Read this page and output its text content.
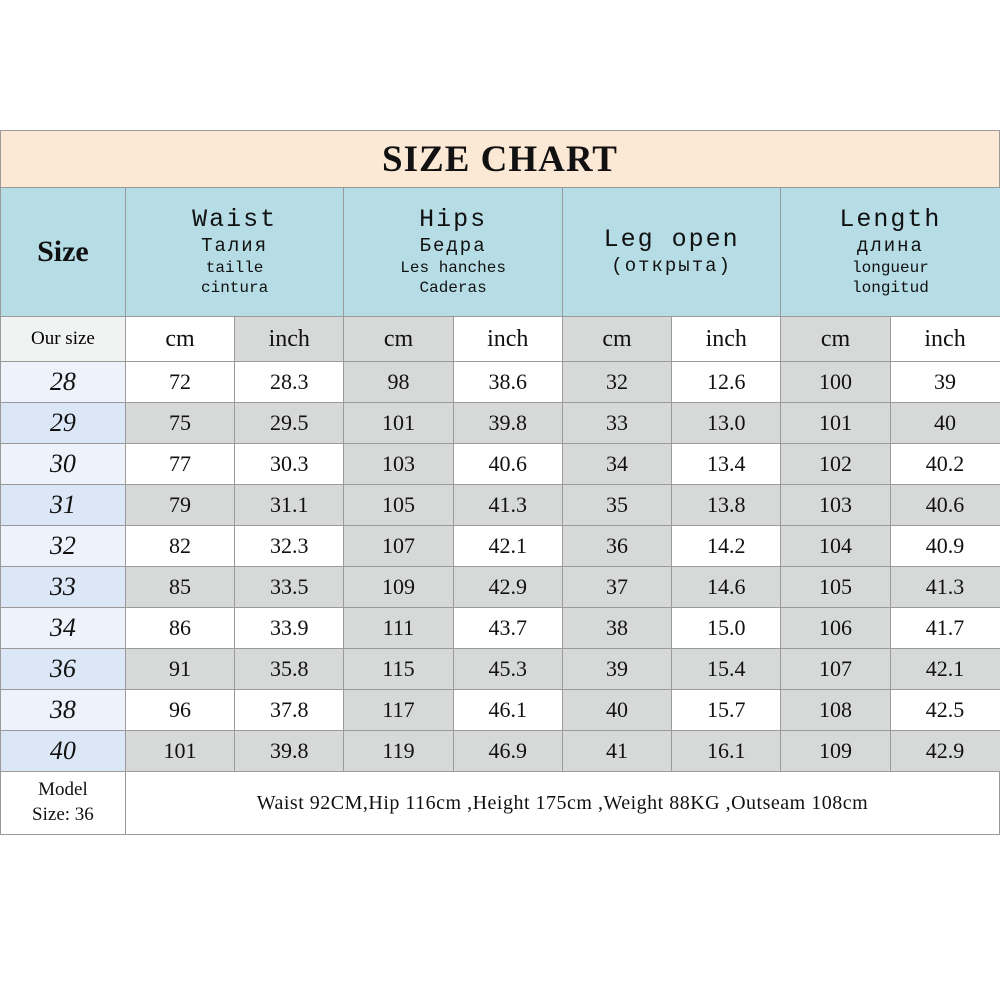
SIZE CHART								
Size	
Waist
Талия
taille
cintura

Hips
Бедра
Les hanches
Caderas

Leg open
(открыта)

Length
длина
longueur
longitud

Our size	cm	inch	cm	inch	cm	inch	cm	inch
28	72	28.3	98	38.6	32	12.6	100	39
29	75	29.5	101	39.8	33	13.0	101	40
30	77	30.3	103	40.6	34	13.4	102	40.2
31	79	31.1	105	41.3	35	13.8	103	40.6
32	82	32.3	107	42.1	36	14.2	104	40.9
33	85	33.5	109	42.9	37	14.6	105	41.3
34	86	33.9	111	43.7	38	15.0	106	41.7
36	91	35.8	115	45.3	39	15.4	107	42.1
38	96	37.8	117	46.1	40	15.7	108	42.5
40	101	39.8	119	46.9	41	16.1	109	42.9

Model
Size: 36	Waist 92CM,Hip 116cm ,Height 175cm ,Weight 88KG ,Outseam 108cm							
